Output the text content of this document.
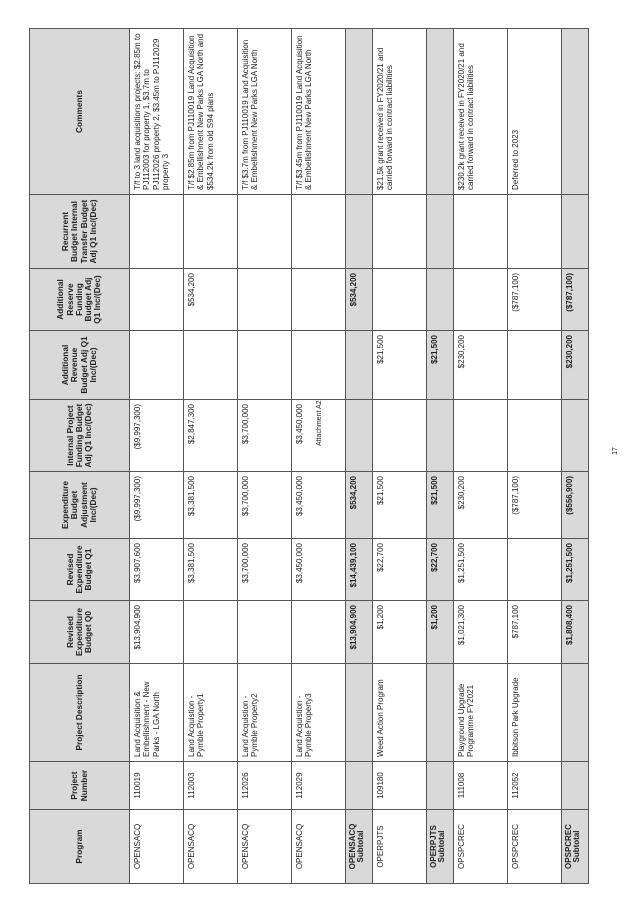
Attachment A2
17
Program	Project Number	Project Description	Revised Expenditure Budget Q0	Revised Expenditure Budget Q1	Expenditure Budget Adjustment Inc/(Dec)	Internal Project Funding Budget Adj Q1 Inc/(Dec)	Additional Revenue Budget Adj Q1 Inc/(Dec)	Additional Reserve Funding Budget Adj Q1 Inc/(Dec)	Recurrent Budget Internal Transfer Budget Adj Q1 Inc/(Dec)	Comments
OPENSACQ	110019	Land Acquisition & Embellishment - New Parks - LGA North	$13,904,900	$3,907,600	($9,997,300)	($9,997,300)				T/f to 3 land acquisitions projects: $2.85m to PJ112003 for property 1, $3.7m to PJ112026 property 2, $3.45m to PJ112029 property 3
OPENSACQ	112003	Land Acquistion - Pymble Property1		$3,381,500	$3,381,500	$2,847,300		$534,200		T/f $2.85m from PJ110019 Land Acquisition & Embellishment New Parks LGA North and $534.2k from old S94 plans
OPENSACQ	112026	Land Acquistion - Pymble Property2		$3,700,000	$3,700,000	$3,700,000				T/f $3.7m from PJ110019 Land Acquisition & Embellishment New Parks LGA North
OPENSACQ	112029	Land Acquistion - Pymble Property3		$3,450,000	$3,450,000	$3,450,000				T/f $3.45m from PJ110019 Land Acquisition & Embellishment New Parks LGA North
OPENSACQ Subtotal			$13,904,900	$14,439,100	$534,200			$534,200		
OPERPJTS	109180	Weed Action Program	$1,200	$22,700	$21,500		$21,500			$21.5k grant received in FY2020/21 and carried forward in contract liabilities
OPERPJTS Subtotal			$1,200	$22,700	$21,500		$21,500			
OPSPCREC	111008	Playground Upgrade Programme FY2021	$1,021,300	$1,251,500	$230,200		$230,200			$230.2k grant received in FY2020/21 and carried forward in contract liabilities
OPSPCREC	112052	Ibbitson Park Upgrade	$787,100		($787,100)			($787,100)		Deferred to 2023
OPSPCREC Subtotal			$1,808,400	$1,251,500	($556,900)		$230,200	($787,100)		
